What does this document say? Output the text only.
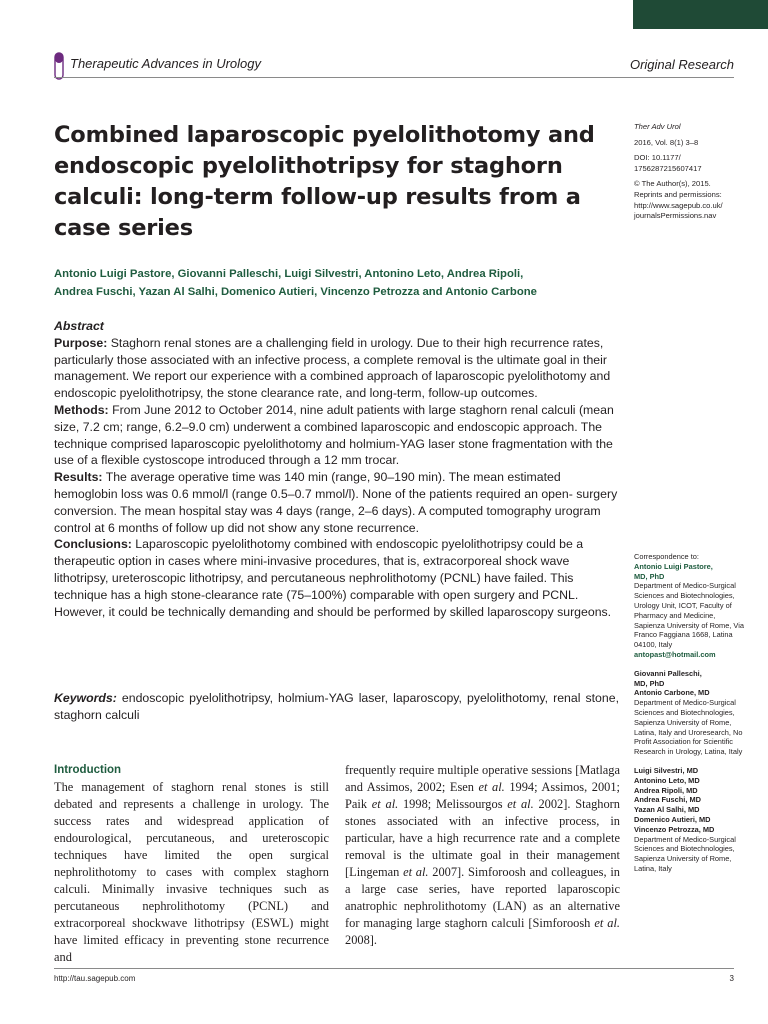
Therapeutic Advances in Urology	Original Research
Combined laparoscopic pyelolithotomy and endoscopic pyelolithotripsy for staghorn calculi: long-term follow-up results from a case series
Antonio Luigi Pastore, Giovanni Palleschi, Luigi Silvestri, Antonino Leto, Andrea Ripoli,
Andrea Fuschi, Yazan Al Salhi, Domenico Autieri, Vincenzo Petrozza and Antonio Carbone
Ther Adv Urol
2016, Vol. 8(1) 3–8
DOI: 10.1177/
1756287215607417
© The Author(s), 2015.
Reprints and permissions:
http://www.sagepub.co.uk/
journalsPermissions.nav

Abstract

Purpose: Staghorn renal stones are a challenging field in urology. Due to their high recurrence rates, particularly those associated with an infective process, a complete removal is the ultimate goal in their management. We report our experience with a combined approach of laparoscopic pyelolithotomy and endoscopic pyelolithotripsy, the stone clearance rate, and long-term, follow-up outcomes.

Methods: From June 2012 to October 2014, nine adult patients with large staghorn renal calculi (mean size, 7.2 cm; range, 6.2–9.0 cm) underwent a combined laparoscopic and endoscopic approach. The technique comprised laparoscopic pyelolithotomy and holmium-YAG laser stone fragmentation with the use of a flexible cystoscope introduced through a 12 mm trocar.

Results: The average operative time was 140 min (range, 90–190 min). The mean estimated hemoglobin loss was 0.6 mmol/l (range 0.5–0.7 mmol/l). None of the patients required an open- surgery conversion. The mean hospital stay was 4 days (range, 2–6 days). A computed tomography urogram control at 6 months of follow up did not show any stone recurrence.

Conclusions: Laparoscopic pyelolithotomy combined with endoscopic pyelolithotripsy could be a therapeutic option in cases where mini-invasive procedures, that is, extracorporeal shock wave lithotripsy, ureteroscopic lithotripsy, and percutaneous nephrolithotomy (PCNL) have failed. This technique has a high stone-clearance rate (75–100%) comparable with open surgery and PCNL. However, it could be technically demanding and should be performed by skilled laparoscopy surgeons.

Keywords: endoscopic pyelolithotripsy, holmium-YAG laser, laparoscopy, pyelolithotomy, renal stone, staghorn calculi
Introduction

The management of staghorn renal stones is still debated and represents a challenge in urology. The success rates and widespread application of endourological, percutaneous, and ureteroscopic techniques have limited the open surgical nephrolithotomy to cases with complex staghorn calculi. Minimally invasive techniques such as percutaneous nephrolithotomy (PCNL) and extracorporeal shockwave lithotripsy (ESWL) might have limited efficacy in preventing stone recurrence and

frequently require multiple operative sessions [Matlaga and Assimos, 2002; Esen et al. 1994; Assimos, 2001; Paik et al. 1998; Melissourgos et al. 2002]. Staghorn stones associated with an infective process, in particular, have a high recurrence rate and a complete removal is the ultimate goal in their management [Lingeman et al. 2007]. Simforoosh and colleagues, in a large case series, have reported laparoscopic anatrophic nephrolithotomy (LAN) as an alternative for managing large staghorn calculi [Simforoosh et al. 2008].

Correspondence to:
Antonio Luigi Pastore,
MD, PhD
Department of Medico-Surgical Sciences and Biotechnologies, Urology Unit, ICOT, Faculty of Pharmacy and Medicine, Sapienza University of Rome, Via Franco Faggiana 1668, Latina 04100, Italy
antopast@hotmail.com
Giovanni Palleschi,
MD, PhD
Antonio Carbone, MD
Department of Medico-Surgical Sciences and Biotechnologies, Sapienza University of Rome, Latina, Italy and Uroresearch, No Profit Association for Scientific Research in Urology, Latina, Italy
Luigi Silvestri, MD
Antonino Leto, MD
Andrea Ripoli, MD
Andrea Fuschi, MD
Yazan Al Salhi, MD
Domenico Autieri, MD
Vincenzo Petrozza, MD
Department of Medico-Surgical Sciences and Biotechnologies, Sapienza University of Rome, Latina, Italy
http://tau.sagepub.com	3
